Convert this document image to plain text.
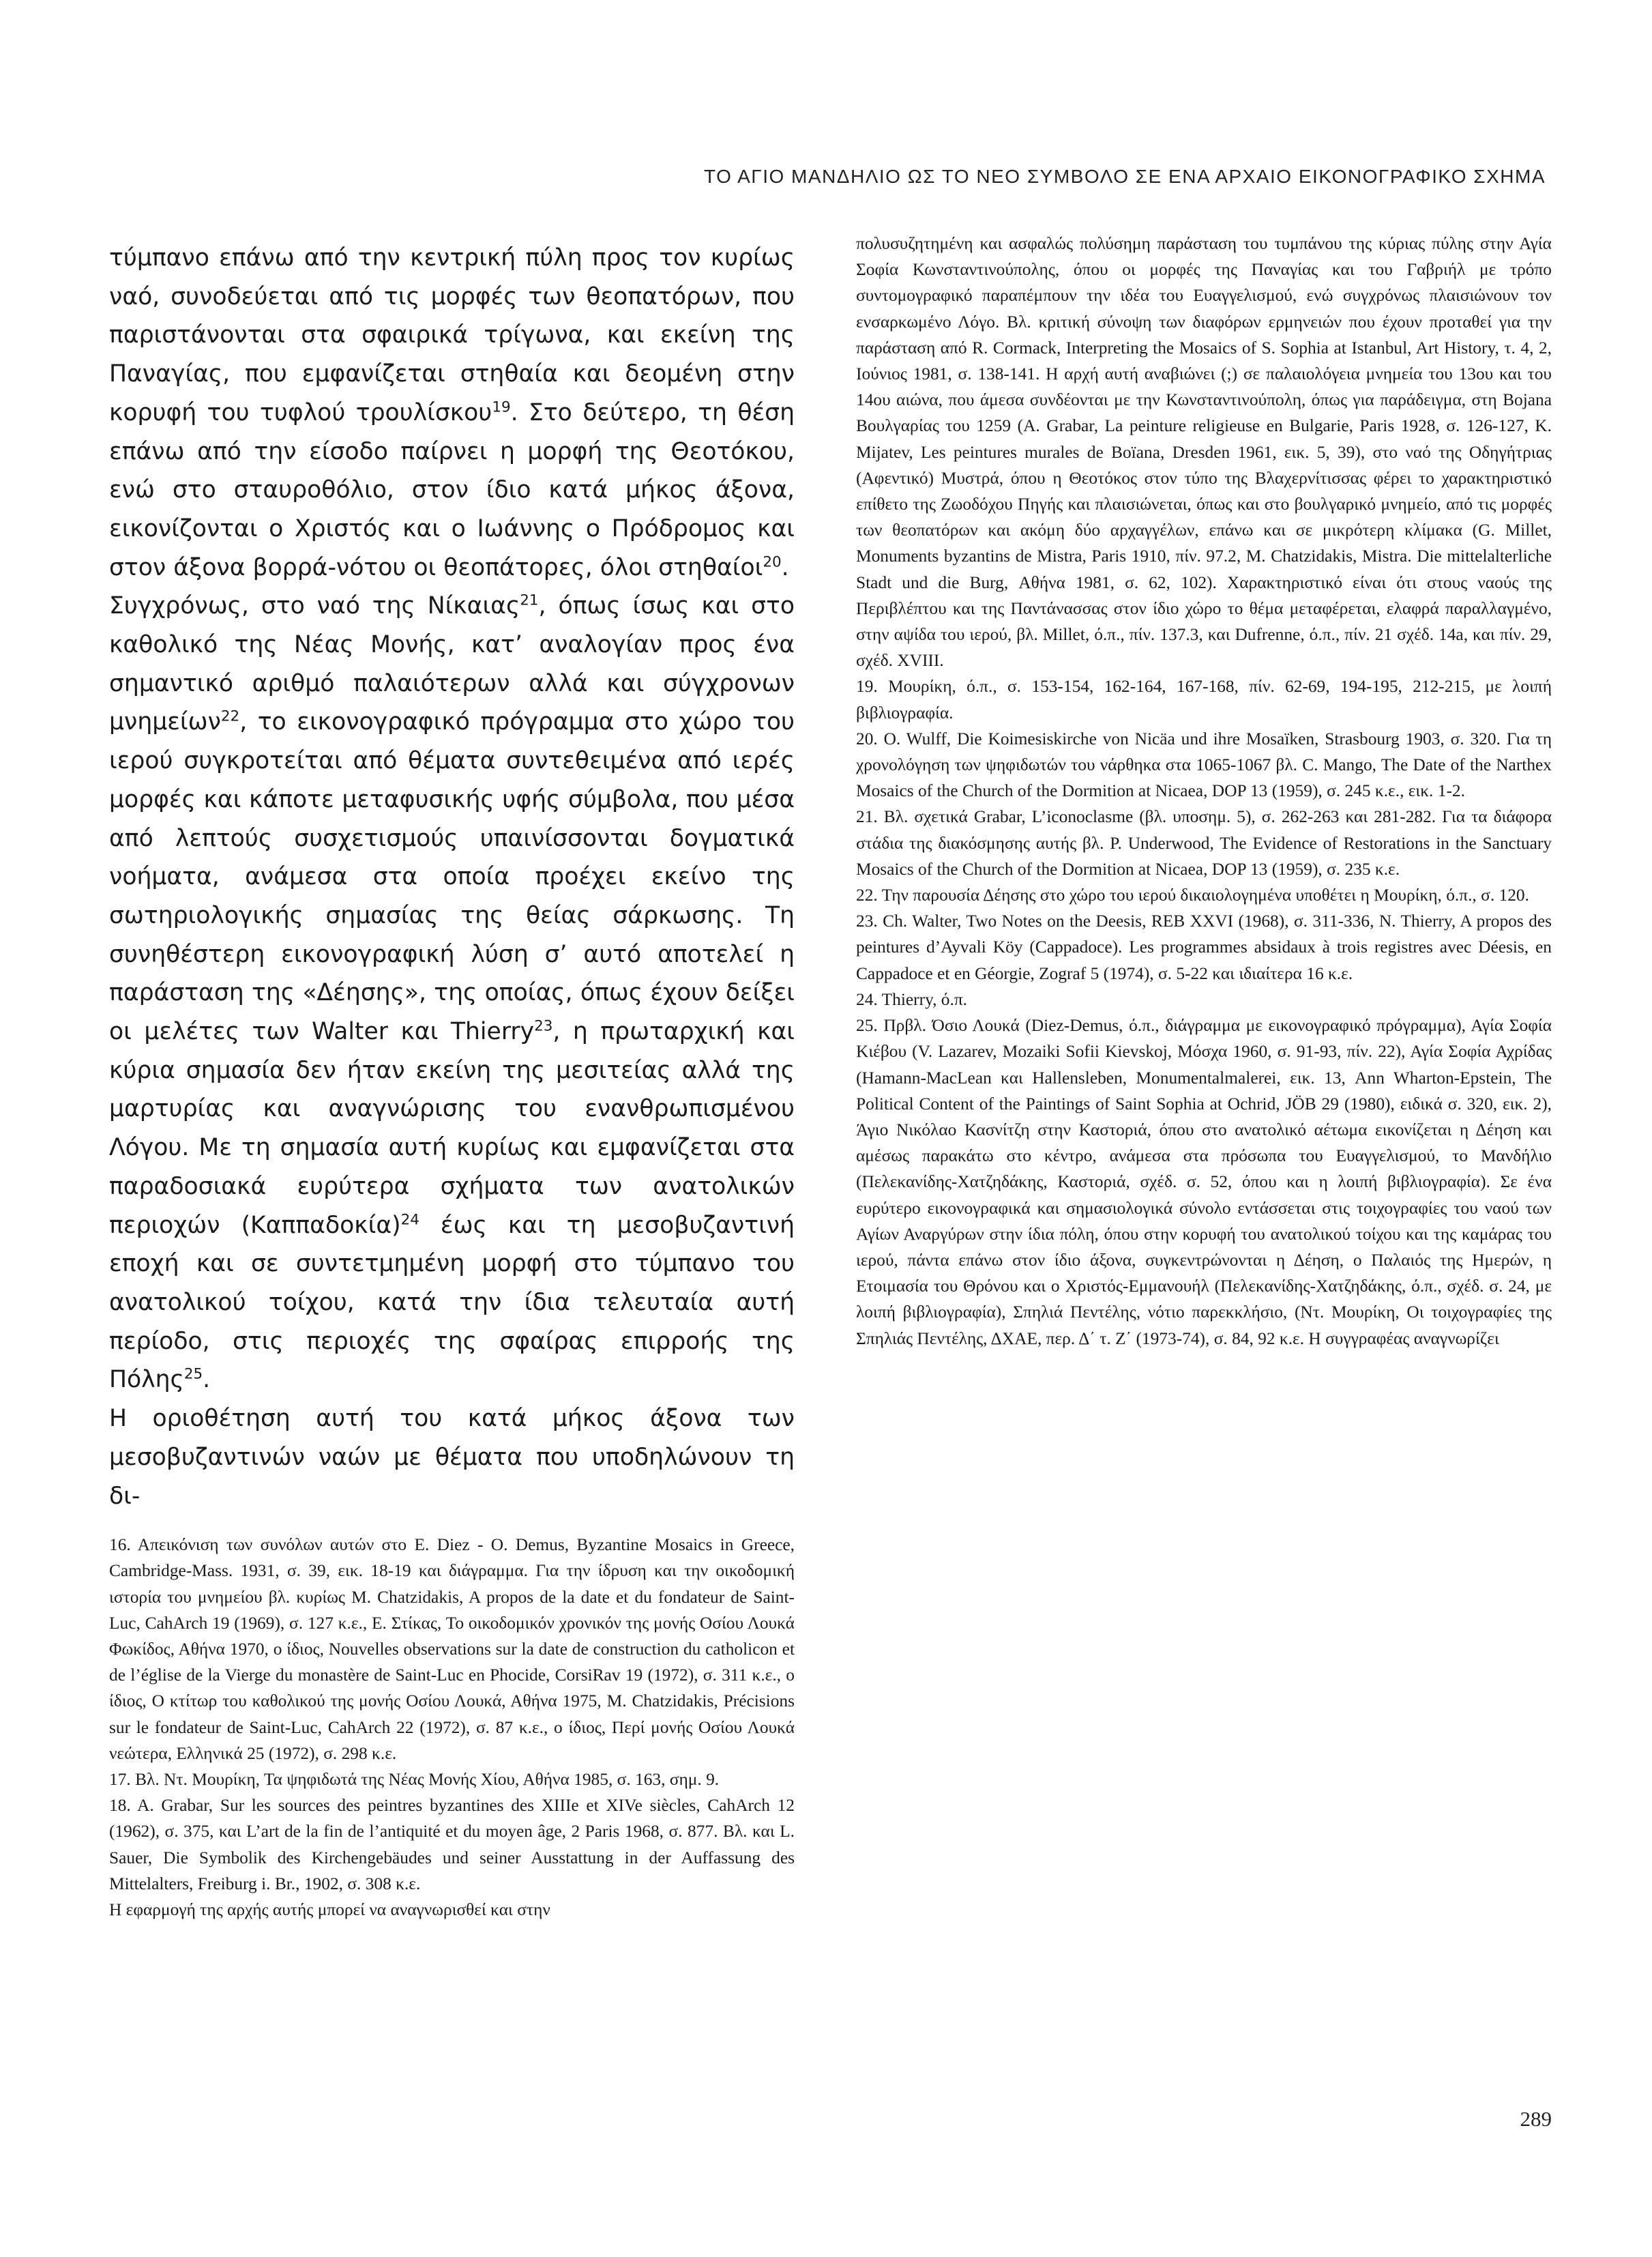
ΤΟ ΑΓΙΟ ΜΑΝΔΗΛΙΟ ΩΣ ΤΟ ΝΕΟ ΣΥΜΒΟΛΟ ΣΕ ΕΝΑ ΑΡΧΑΙΟ ΕΙΚΟΝΟΓΡΑΦΙΚΟ ΣΧΗΜΑ

τύμπανο επάνω από την κεντρική πύλη προς τον κυρίως ναό, συνοδεύεται από τις μορφές των θεοπατόρων, που παριστάνονται στα σφαιρικά τρίγωνα, και εκείνη της Παναγίας, που εμφανίζεται στηθαία και δεομένη στην κορυφή του τυφλού τρουλίσκου$^{19}$. Στο δεύτερο, τη θέση επάνω από την είσοδο παίρνει η μορφή της Θεοτόκου, ενώ στο σταυροθόλιο, στον ίδιο κατά μήκος άξονα, εικονίζονται ο Χριστός και ο Ιωάννης ο Πρόδρομος και στον άξονα βορρά-νότου οι θεοπάτορες, όλοι στηθαίοι$^{20}$.

Συγχρόνως, στο ναό της Νίκαιας$^{21}$, όπως ίσως και στο καθολικό της Νέας Μονής, κατ’ αναλογίαν προς ένα σημαντικό αριθμό παλαιότερων αλλά και σύγχρονων μνημείων$^{22}$, το εικονογραφικό πρόγραμμα στο χώρο του ιερού συγκροτείται από θέματα συντεθειμένα από ιερές μορφές και κάποτε μεταφυσικής υφής σύμβολα, που μέσα από λεπτούς συσχετισμούς υπαινίσσονται δογματικά νοήματα, ανάμεσα στα οποία προέχει εκείνο της σωτηριολογικής σημασίας της θείας σάρκωσης. Τη συνηθέστερη εικονογραφική λύση σ’ αυτό αποτελεί η παράσταση της «Δέησης», της οποίας, όπως έχουν δείξει οι μελέτες των Walter και Thierry$^{23}$, η πρωταρχική και κύρια σημασία δεν ήταν εκείνη της μεσιτείας αλλά της μαρτυρίας και αναγνώρισης του ενανθρωπισμένου Λόγου. Με τη σημασία αυτή κυρίως και εμφανίζεται στα παραδοσιακά ευρύτερα σχήματα των ανατολικών περιοχών $(K\alpha\pi\pi\alpha\delta o\kappa ί\alpha)^{24}$ έως και τη μεσοβυζαντινή εποχή και σε συντετμημένη μορφή στο τύμπανο του ανατολικού τοίχου, κατά την ίδια τελευταία αυτή περίοδο, στις περιοχές της σφαίρας επιρροής της Πόλης$^{25}$.

Η οριοθέτηση αυτή του κατά μήκος άξονα των μεσοβυζαντινών ναών με θέματα που υποδηλώνουν τη δι-

16. Απεικόνιση των συνόλων αυτών στο E. Diez - O. Demus, Byzantine Mosaics in Greece, Cambridge-Mass. 1931, σ. 39, εικ. 18-19 και διάγραμμα. Για την ίδρυση και την οικοδομική ιστορία του μνημείου βλ. κυρίως M. Chatzidakis, A propos de la date et du fondateur de Saint-Luc, CahArch 19 (1969), σ. 127 κ.ε., Ε. Στίκας, Το οικοδομικόν χρονικόν της μονής Οσίου Λουκά Φωκίδος, Αθήνα 1970, ο ίδιος, Nouvelles observations sur la date de construction du catholicon et de l’église de la Vierge du monastère de Saint-Luc en Phocide, CorsiRav 19 (1972), σ. 311 κ.ε., ο ίδιος, Ο κτίτωρ του καθολικού της μονής Οσίου Λουκά, Αθήνα 1975, M. Chatzidakis, Précisions sur le fondateur de Saint-Luc, CahArch 22 (1972), σ. 87 κ.ε., ο ίδιος, Περί μονής Οσίου Λουκά νεώτερα, Ελληνικά 25 (1972), σ. 298 κ.ε.

17. Βλ. Ντ. Μουρίκη, Τα ψηφιδωτά της Νέας Μονής Χίου, Αθήνα 1985, σ. 163, σημ. 9.

18. A. Grabar, Sur les sources des peintres byzantines des XIIIe et XIVe siècles, CahArch 12 (1962), σ. 375, και L’art de la fin de l’antiquité et du moyen âge, 2 Paris 1968, σ. 877. Βλ. και L. Sauer, Die Symbolik des Kirchengebäudes und seiner Ausstattung in der Auffassung des Mittelalters, Freiburg i. Br., 1902, σ. 308 κ.ε.

Η εφαρμογή της αρχής αυτής μπορεί να αναγνωρισθεί και στην

πολυσυζητημένη και ασφαλώς πολύσημη παράσταση του τυμπάνου της κύριας πύλης στην Αγία Σοφία Κωνσταντινούπολης, όπου οι μορφές της Παναγίας και του Γαβριήλ με τρόπο συντομογραφικό παραπέμπουν την ιδέα του Ευαγγελισμού, ενώ συγχρόνως πλαισιώνουν τον ενσαρκωμένο Λόγο. Βλ. κριτική σύνοψη των διαφόρων ερμηνειών που έχουν προταθεί για την παράσταση από R. Cormack, Interpreting the Mosaics of S. Sophia at Istanbul, Art History, τ. 4, 2, Ιούνιος 1981, σ. 138-141. Η αρχή αυτή αναβιώνει (;) σε παλαιολόγεια μνημεία του 13ου και του 14ου αιώνα, που άμεσα συνδέονται με την Κωνσταντινούπολη, όπως για παράδειγμα, στη Bojana Βουλγαρίας του 1259 (A. Grabar, La peinture religieuse en Bulgarie, Paris 1928, σ. 126-127, K. Mijatev, Les peintures murales de Boïana, Dresden 1961, εικ. 5, 39), στο ναό της Οδηγήτριας (Αφεντικό) Μυστρά, όπου η Θεοτόκος στον τύπο της Βλαχερνίτισσας φέρει το χαρακτηριστικό επίθετο της Ζωοδόχου Πηγής και πλαισιώνεται, όπως και στο βουλγαρικό μνημείο, από τις μορφές των θεοπατόρων και ακόμη δύο αρχαγγέλων, επάνω και σε μικρότερη κλίμακα (G. Millet, Monuments byzantins de Mistra, Paris 1910, πίν. 97.2, M. Chatzidakis, Mistra. Die mittelalterliche Stadt und die Burg, Αθήνα 1981, σ. 62, 102). Χαρακτηριστικό είναι ότι στους ναούς της Περιβλέπτου και της Παντάνασσας στον ίδιο χώρο το θέμα μεταφέρεται, ελαφρά παραλλαγμένο, στην αψίδα του ιερού, βλ. Millet, ό.π., πίν. 137.3, και Dufrenne, ό.π., πίν. 21 σχέδ. 14a, και πίν. 29, σχέδ. XVIII.

19. Μουρίκη, ό.π., σ. 153-154, 162-164, 167-168, πίν. 62-69, 194-195, 212-215, με λοιπή βιβλιογραφία.

20. O. Wulff, Die Koimesiskirche von Nicäa und ihre Mosaïken, Strasbourg 1903, σ. 320. Για τη χρονολόγηση των ψηφιδωτών του νάρθηκα στα 1065-1067 βλ. C. Mango, The Date of the Narthex Mosaics of the Church of the Dormition at Nicaea, DOP 13 (1959), σ. 245 κ.ε., εικ. 1-2.

21. Βλ. σχετικά Grabar, L’iconoclasme (βλ. υποσημ. 5), σ. 262-263 και 281-282. Για τα διάφορα στάδια της διακόσμησης αυτής βλ. P. Underwood, The Evidence of Restorations in the Sanctuary Mosaics of the Church of the Dormition at Nicaea, DOP 13 (1959), σ. 235 κ.ε.

22. Την παρουσία Δέησης στο χώρο του ιερού δικαιολογημένα υποθέτει η Μουρίκη, ό.π., σ. 120.

23. Ch. Walter, Two Notes on the Deesis, REB XXVI (1968), σ. 311-336, N. Thierry, A propos des peintures d’Ayvali Köy (Cappadoce). Les programmes absidaux à trois registres avec Déesis, en Cappadoce et en Géorgie, Zograf 5 (1974), σ. 5-22 και ιδιαίτερα 16 κ.ε.

24. Thierry, ό.π.

25. Πρβλ. Όσιο Λουκά (Diez-Demus, ό.π., διάγραμμα με εικονογραφικό πρόγραμμα), Αγία Σοφία Κιέβου (V. Lazarev, Mozaiki Sofii Kievskoj, Μόσχα 1960, σ. 91-93, πίν. 22), Αγία Σοφία Αχρίδας (Hamann-MacLean και Hallensleben, Monumentalmalerei, εικ. 13, Ann Wharton-Epstein, The Political Content of the Paintings of Saint Sophia at Ochrid, JÖB 29 (1980), ειδικά σ. 320, εικ. 2), Άγιο Νικόλαο Κασνίτζη στην Καστοριά, όπου στο ανατολικό αέτωμα εικονίζεται η Δέηση και αμέσως παρακάτω στο κέντρο, ανάμεσα στα πρόσωπα του Ευαγγελισμού, το Μανδήλιο (Πελεκανίδης-Χατζηδάκης, Καστοριά, σχέδ. σ. 52, όπου και η λοιπή βιβλιογραφία). Σε ένα ευρύτερο εικονογραφικά και σημασιολογικά σύνολο εντάσσεται στις τοιχογραφίες του ναού των Αγίων Αναργύρων στην ίδια πόλη, όπου στην κορυφή του ανατολικού τοίχου και της καμάρας του ιερού, πάντα επάνω στον ίδιο άξονα, συγκεντρώνονται η Δέηση, ο Παλαιός της Ημερών, η Ετοιμασία του Θρόνου και ο Χριστός-Εμμανουήλ (Πελεκανίδης-Χατζηδάκης, ό.π., σχέδ. σ. 24, με λοιπή βιβλιογραφία), Σπηλιά Πεντέλης, νότιο παρεκκλήσιο, (Ντ. Μουρίκη, Οι τοιχογραφίες της Σπηλιάς Πεντέλης, ΔΧΑΕ, περ. Δ΄ τ. Ζ΄ (1973-74), σ. 84, 92 κ.ε. Η συγγραφέας αναγνωρίζει

289
